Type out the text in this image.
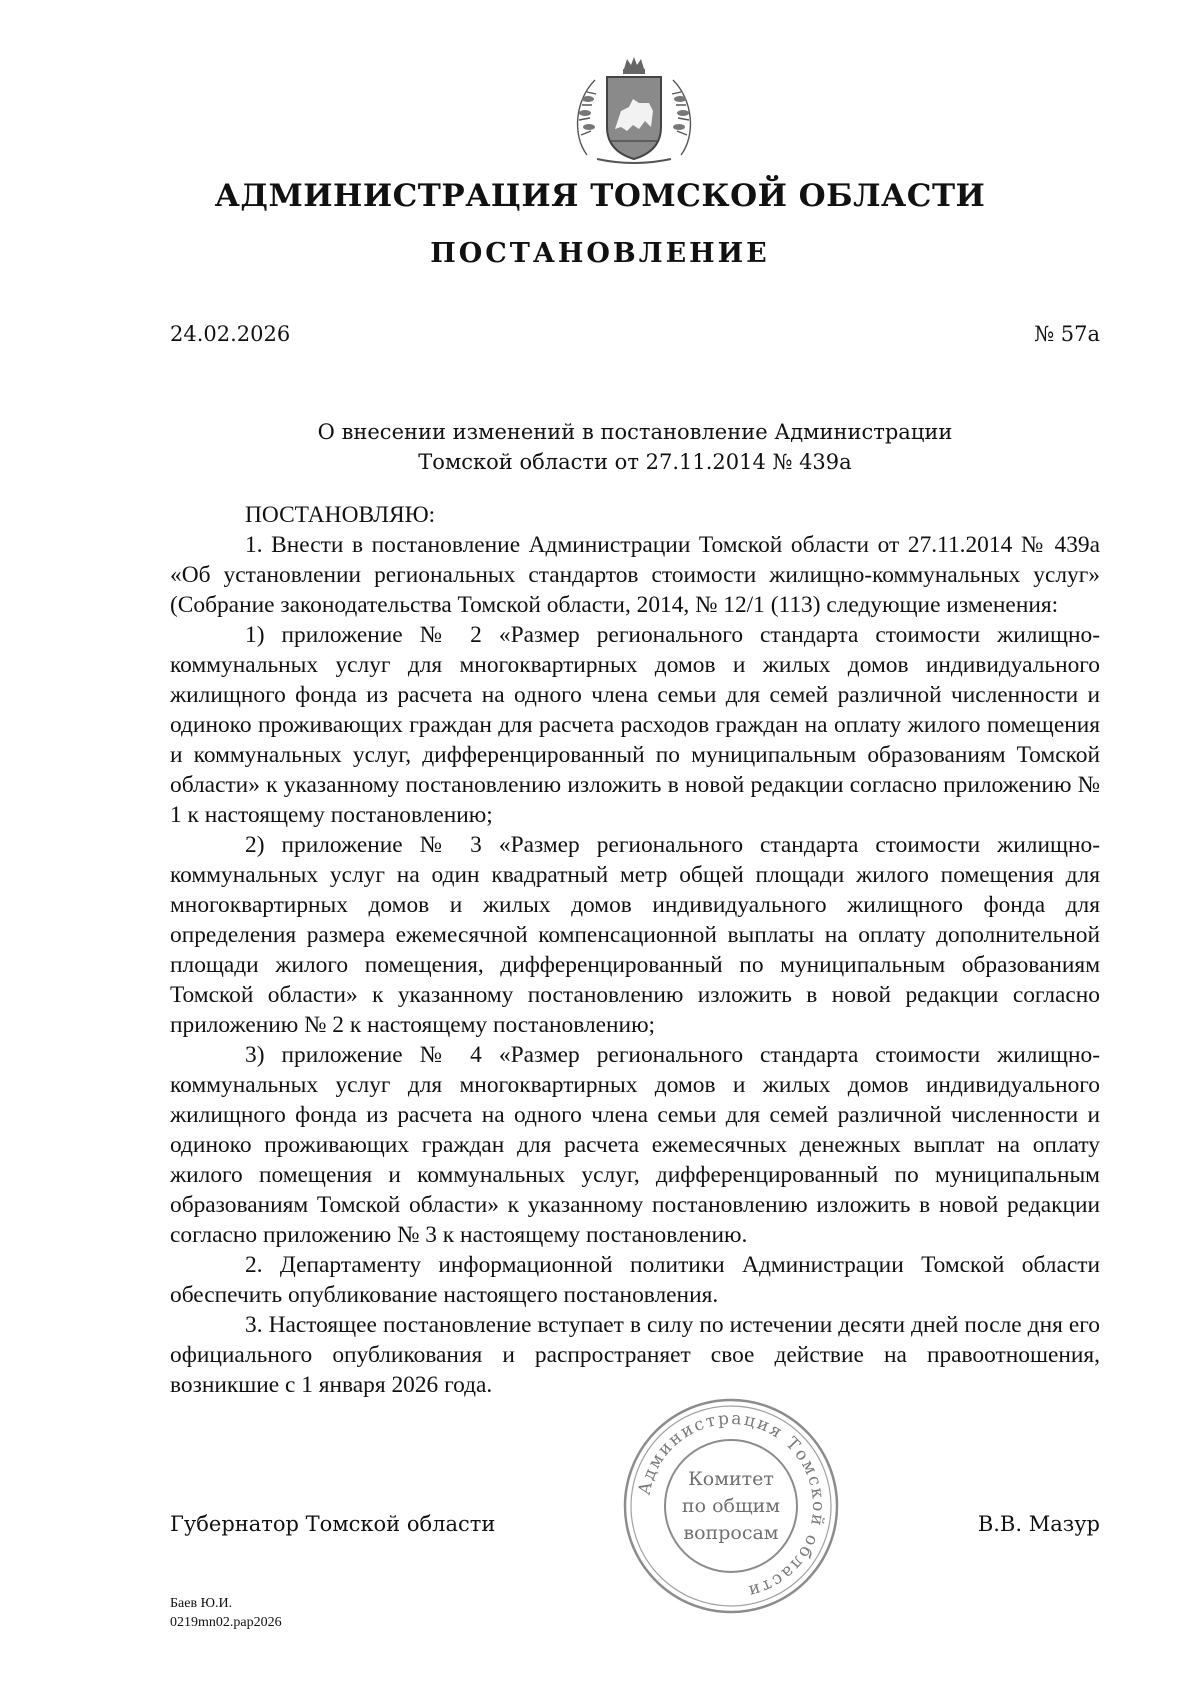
АДМИНИСТРАЦИЯ ТОМСКОЙ ОБЛАСТИ
ПОСТАНОВЛЕНИЕ
24.02.2026	№ 57а
О внесении изменений в постановление Администрации
Томской области от 27.11.2014 № 439а

ПОСТАНОВЛЯЮ:

1. Внести в постановление Администрации Томской области от 27.11.2014 № 439а «Об установлении региональных стандартов стоимости жилищно-коммунальных услуг» (Собрание законодательства Томской области, 2014, № 12/1 (113) следующие изменения:

1) приложение № 2 «Размер регионального стандарта стоимости жилищно-коммунальных услуг для многоквартирных домов и жилых домов индивидуального жилищного фонда из расчета на одного члена семьи для семей различной численности и одиноко проживающих граждан для расчета расходов граждан на оплату жилого помещения и коммунальных услуг, дифференцированный по муниципальным образованиям Томской области» к указанному постановлению изложить в новой редакции согласно приложению № 1 к настоящему постановлению;

2) приложение № 3 «Размер регионального стандарта стоимости жилищно-коммунальных услуг на один квадратный метр общей площади жилого помещения для многоквартирных домов и жилых домов индивидуального жилищного фонда для определения размера ежемесячной компенсационной выплаты на оплату дополнительной площади жилого помещения, дифференцированный по муниципальным образованиям Томской области» к указанному постановлению изложить в новой редакции согласно приложению № 2 к настоящему постановлению;

3) приложение № 4 «Размер регионального стандарта стоимости жилищно-коммунальных услуг для многоквартирных домов и жилых домов индивидуального жилищного фонда из расчета на одного члена семьи для семей различной численности и одиноко проживающих граждан для расчета ежемесячных денежных выплат на оплату жилого помещения и коммунальных услуг, дифференцированный по муниципальным образованиям Томской области» к указанному постановлению изложить в новой редакции согласно приложению № 3 к настоящему постановлению.

2. Департаменту информационной политики Администрации Томской области обеспечить опубликование настоящего постановления.

3. Настоящее постановление вступает в силу по истечении десяти дней после дня его официального опубликования и распространяет свое действие на правоотношения, возникшие с 1 января 2026 года.

Губернатор Томской области	В.В. Мазур
Администрация Томской области
Комитет
по общим
вопросам
Баев Ю.И.
0219mn02.pap2026
